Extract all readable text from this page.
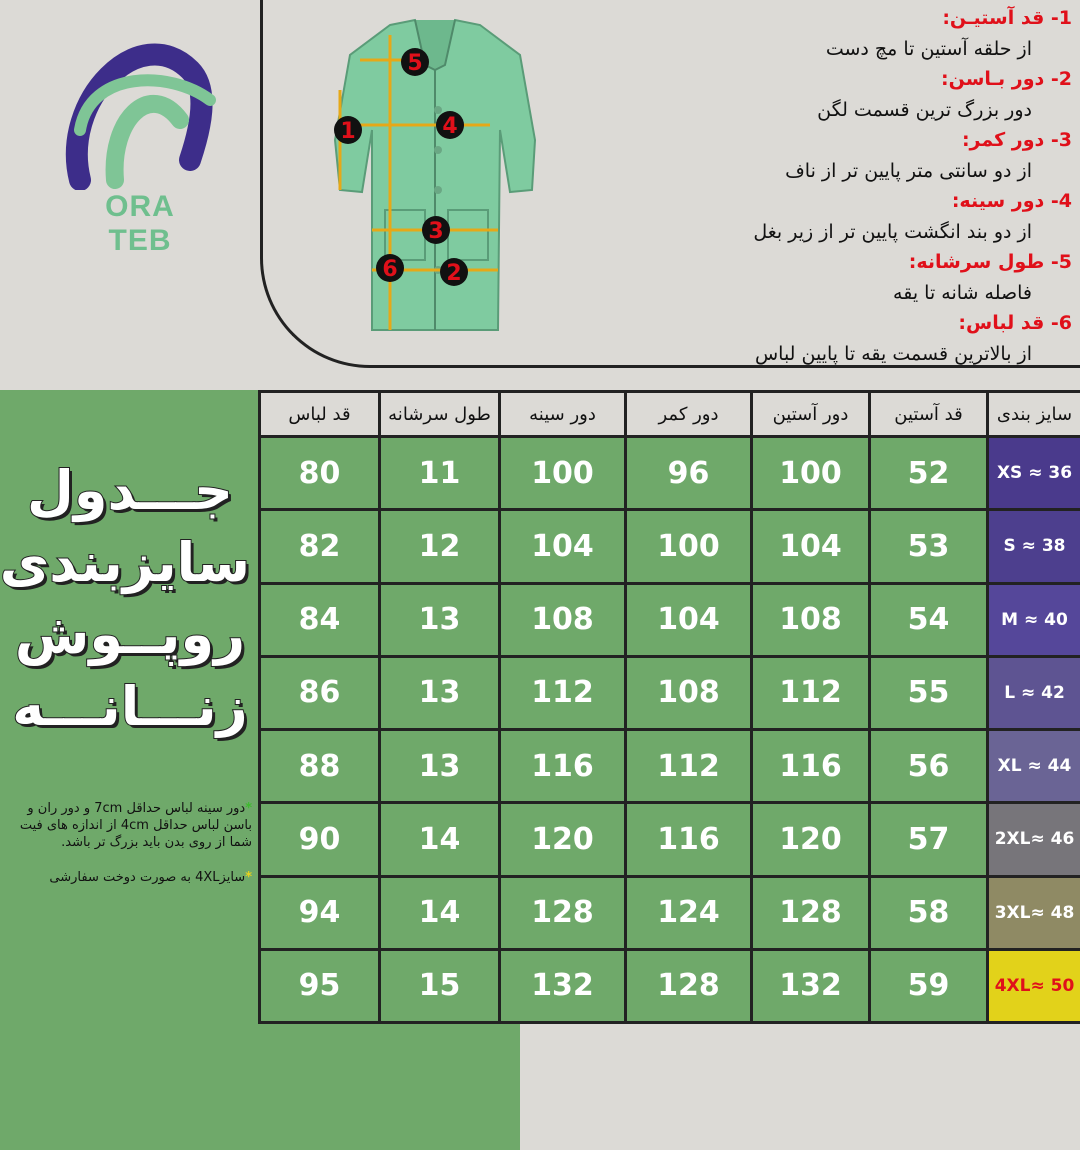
ORA TEB
1
5
4
3
6 2
1- قد آستیـن:
از حلقه آستین تا مچ دست
2- دور بـاسن:
دور بزرگ ترین قسمت لگن
3- دور کمر:
از دو سانتی متر پایین تر از ناف
4- دور سینه:
از دو بند انگشت پایین تر از زیر بغل
5- طول سرشانه:
فاصله شانه تا یقه
6- قد لباس:
از بالاترین قسمت یقه تا پایین لباس
جـــدول
سایزبندی
روپــوش
زنـــانـــه

*دور سینه لباس حداقل 7cm و دور ران و باسن لباس حداقل 4cm از اندازه های فیت شما از روی بدن باید بزرگ تر باشد.

*سایز4XL به صورت دوخت سفارشی

سایز بندی	قد آستین	دور آستین	دور کمر	دور سینه	طول سرشانه	قد لباس
XS ≈ 36	52	100	96	100	11	80
S ≈ 38	53	104	100	104	12	82
M ≈ 40	54	108	104	108	13	84
L ≈ 42	55	112	108	112	13	86
XL ≈ 44	56	116	112	116	13	88
2XL≈ 46	57	120	116	120	14	90
3XL≈ 48	58	128	124	128	14	94
4XL≈ 50	59	132	128	132	15	95
